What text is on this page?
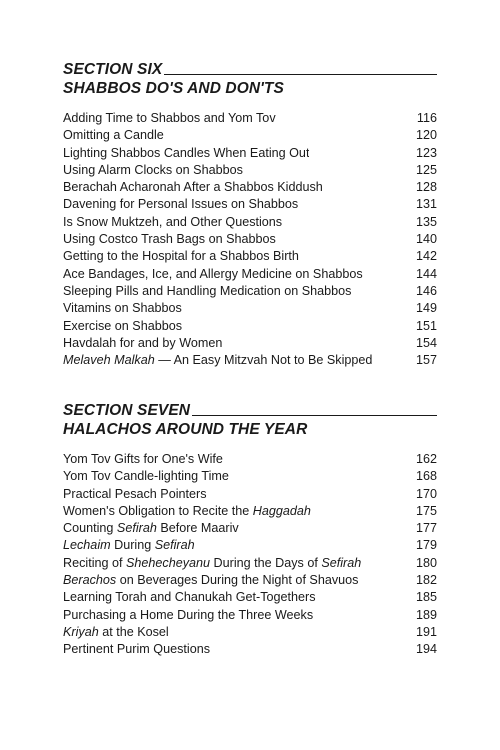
SECTION SIX
SHABBOS DO'S AND DON'TS
Adding Time to Shabbos and Yom Tov	116
Omitting a Candle	120
Lighting Shabbos Candles When Eating Out	123
Using Alarm Clocks on Shabbos	125
Berachah Acharonah After a Shabbos Kiddush	128
Davening for Personal Issues on Shabbos	131
Is Snow Muktzeh, and Other Questions	135
Using Costco Trash Bags on Shabbos	140
Getting to the Hospital for a Shabbos Birth	142
Ace Bandages, Ice, and Allergy Medicine on Shabbos	144
Sleeping Pills and Handling Medication on Shabbos	146
Vitamins on Shabbos	149
Exercise on Shabbos	151
Havdalah for and by Women	154
Melaveh Malkah — An Easy Mitzvah Not to Be Skipped	157
SECTION SEVEN
HALACHOS AROUND THE YEAR
Yom Tov Gifts for One's Wife	162
Yom Tov Candle-lighting Time	168
Practical Pesach Pointers	170
Women's Obligation to Recite the Haggadah	175
Counting Sefirah Before Maariv	177
Lechaim During Sefirah	179
Reciting of Shehecheyanu During the Days of Sefirah	180
Berachos on Beverages During the Night of Shavuos	182
Learning Torah and Chanukah Get-Togethers	185
Purchasing a Home During the Three Weeks	189
Kriyah at the Kosel	191
Pertinent Purim Questions	194
